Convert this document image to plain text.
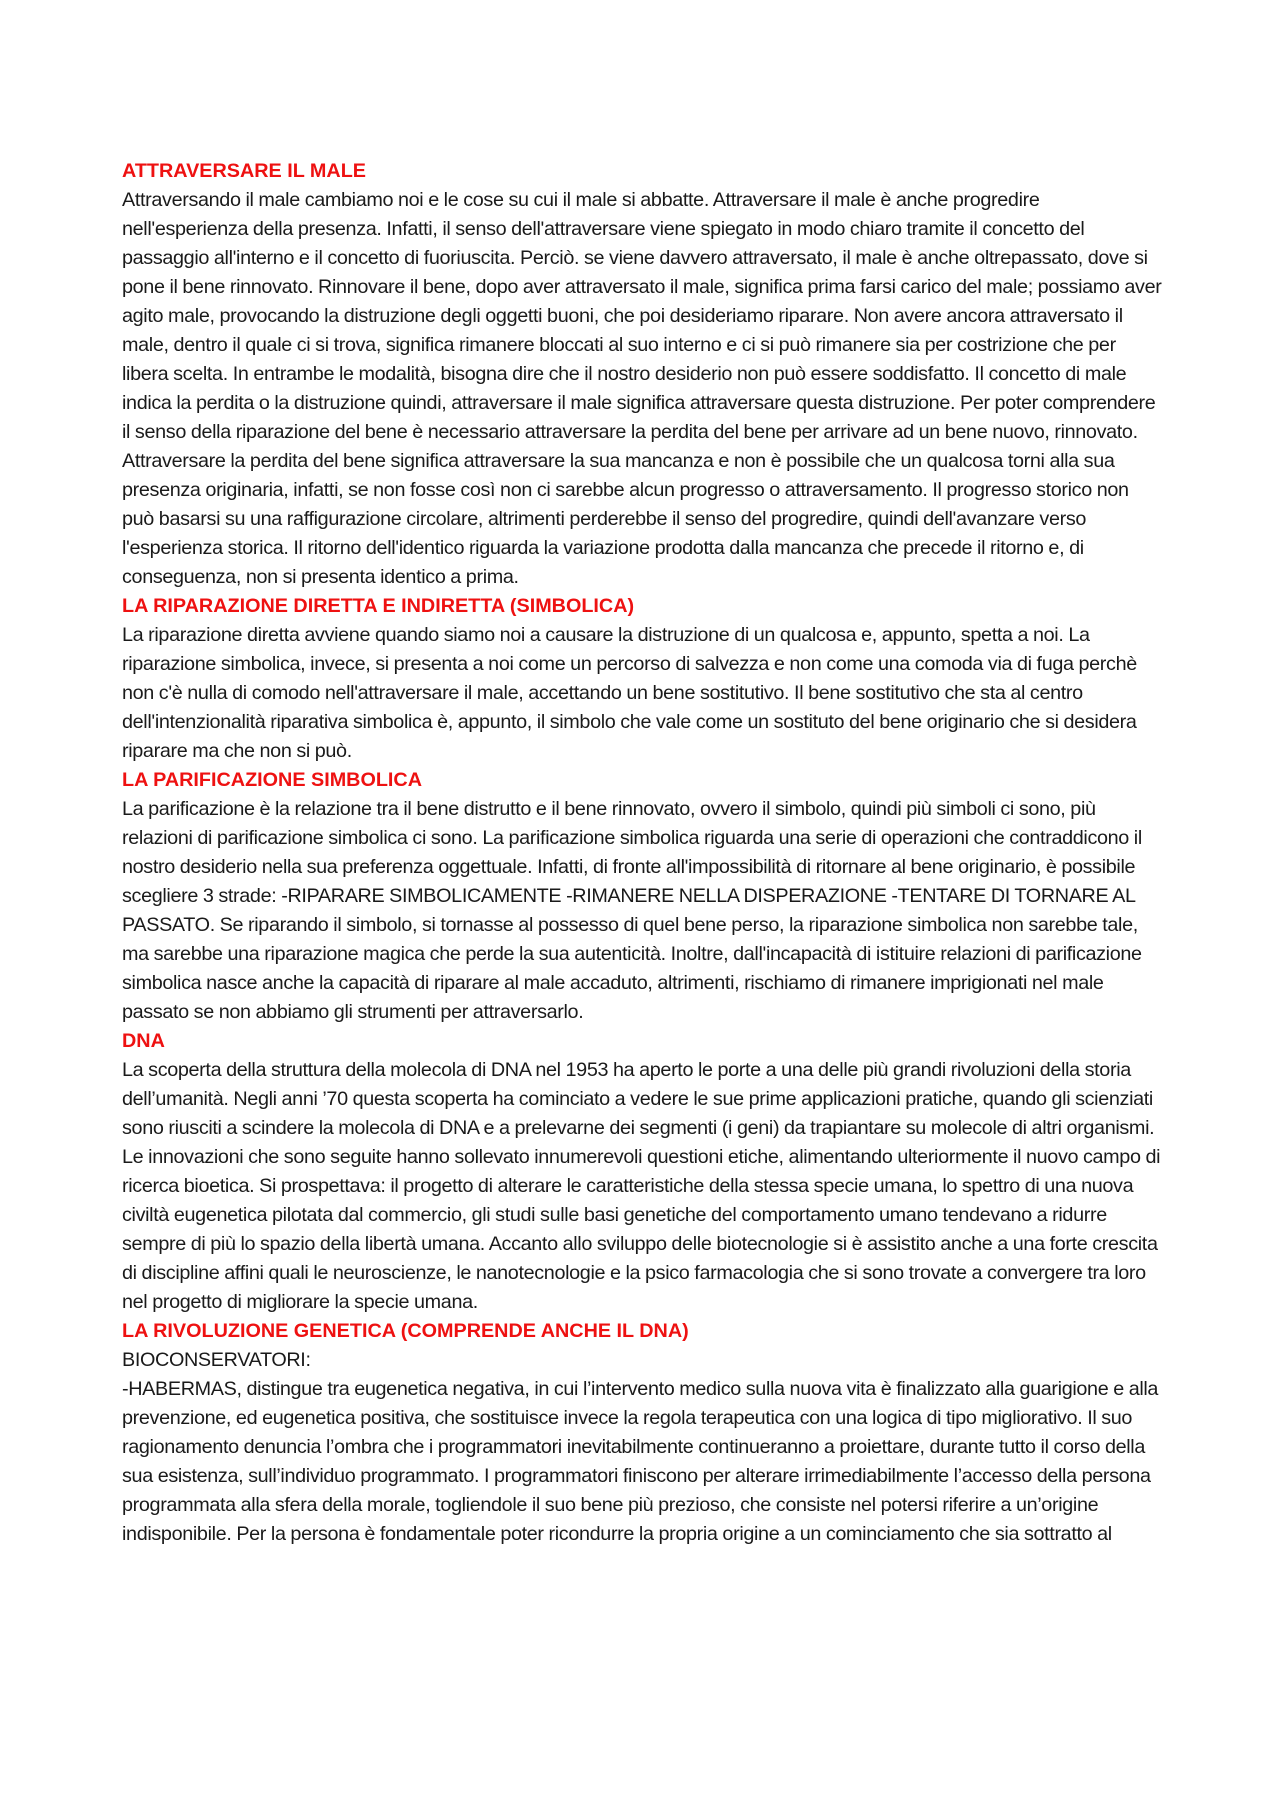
ATTRAVERSARE IL MALE

Attraversando il male cambiamo noi e le cose su cui il male si abbatte. Attraversare il male è anche progredire nell'esperienza della presenza. Infatti, il senso dell'attraversare viene spiegato in modo chiaro tramite il concetto del passaggio all'interno e il concetto di fuoriuscita. Perciò. se viene davvero attraversato, il male è anche oltrepassato, dove si pone il bene rinnovato. Rinnovare il bene, dopo aver attraversato il male, significa prima farsi carico del male; possiamo aver agito male, provocando la distruzione degli oggetti buoni, che poi desideriamo riparare. Non avere ancora attraversato il male, dentro il quale ci si trova, significa rimanere bloccati al suo interno e ci si può rimanere sia per costrizione che per libera scelta. In entrambe le modalità, bisogna dire che il nostro desiderio non può essere soddisfatto. Il concetto di male indica la perdita o la distruzione quindi, attraversare il male significa attraversare questa distruzione. Per poter comprendere il senso della riparazione del bene è necessario attraversare la perdita del bene per arrivare ad un bene nuovo, rinnovato. Attraversare la perdita del bene significa attraversare la sua mancanza e non è possibile che un qualcosa torni alla sua presenza originaria, infatti, se non fosse così non ci sarebbe alcun progresso o attraversamento. Il progresso storico non può basarsi su una raffigurazione circolare, altrimenti perderebbe il senso del progredire, quindi dell'avanzare verso l'esperienza storica. Il ritorno dell'identico riguarda la variazione prodotta dalla mancanza che precede il ritorno e, di conseguenza, non si presenta identico a prima.

LA RIPARAZIONE DIRETTA E INDIRETTA (SIMBOLICA)

La riparazione diretta avviene quando siamo noi a causare la distruzione di un qualcosa e, appunto, spetta a noi. La riparazione simbolica, invece, si presenta a noi come un percorso di salvezza e non come una comoda via di fuga perchè non c'è nulla di comodo nell'attraversare il male, accettando un bene sostitutivo. Il bene sostitutivo che sta al centro dell'intenzionalità riparativa simbolica è, appunto, il simbolo che vale come un sostituto del bene originario che si desidera riparare ma che non si può.

LA PARIFICAZIONE SIMBOLICA

La parificazione è la relazione tra il bene distrutto e il bene rinnovato, ovvero il simbolo, quindi più simboli ci sono, più relazioni di parificazione simbolica ci sono. La parificazione simbolica riguarda una serie di operazioni che contraddicono il nostro desiderio nella sua preferenza oggettuale. Infatti, di fronte all'impossibilità di ritornare al bene originario, è possibile scegliere 3 strade: -RIPARARE SIMBOLICAMENTE -RIMANERE NELLA DISPERAZIONE -TENTARE DI TORNARE AL PASSATO. Se riparando il simbolo, si tornasse al possesso di quel bene perso, la riparazione simbolica non sarebbe tale, ma sarebbe una riparazione magica che perde la sua autenticità. Inoltre, dall'incapacità di istituire relazioni di parificazione simbolica nasce anche la capacità di riparare al male accaduto, altrimenti, rischiamo di rimanere imprigionati nel male passato se non abbiamo gli strumenti per attraversarlo.

DNA

La scoperta della struttura della molecola di DNA nel 1953 ha aperto le porte a una delle più grandi rivoluzioni della storia dell’umanità. Negli anni ’70 questa scoperta ha cominciato a vedere le sue prime applicazioni pratiche, quando gli scienziati sono riusciti a scindere la molecola di DNA e a prelevarne dei segmenti (i geni) da trapiantare su molecole di altri organismi. Le innovazioni che sono seguite hanno sollevato innumerevoli questioni etiche, alimentando ulteriormente il nuovo campo di ricerca bioetica. Si prospettava: il progetto di alterare le caratteristiche della stessa specie umana, lo spettro di una nuova civiltà eugenetica pilotata dal commercio, gli studi sulle basi genetiche del comportamento umano tendevano a ridurre sempre di più lo spazio della libertà umana. Accanto allo sviluppo delle biotecnologie si è assistito anche a una forte crescita di discipline affini quali le neuroscienze, le nanotecnologie e la psico farmacologia che si sono trovate a convergere tra loro nel progetto di migliorare la specie umana.

LA RIVOLUZIONE GENETICA (COMPRENDE ANCHE IL DNA)

BIOCONSERVATORI:

-HABERMAS, distingue tra eugenetica negativa, in cui l’intervento medico sulla nuova vita è finalizzato alla guarigione e alla prevenzione, ed eugenetica positiva, che sostituisce invece la regola terapeutica con una logica di tipo migliorativo. Il suo ragionamento denuncia l’ombra che i programmatori inevitabilmente continueranno a proiettare, durante tutto il corso della sua esistenza, sull’individuo programmato. I programmatori finiscono per alterare irrimediabilmente l’accesso della persona programmata alla sfera della morale, togliendole il suo bene più prezioso, che consiste nel potersi riferire a un’origine indisponibile. Per la persona è fondamentale poter ricondurre la propria origine a un cominciamento che sia sottratto al
